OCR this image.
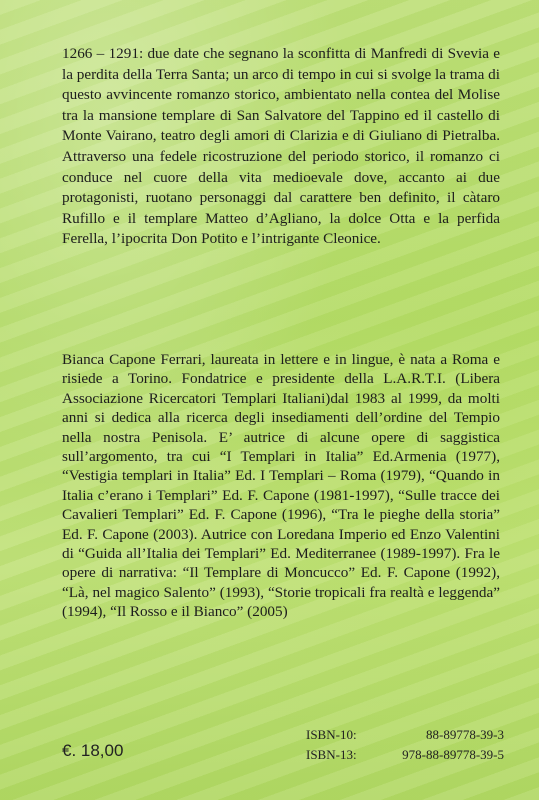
1266 – 1291: due date che segnano la sconfitta di Manfredi di Svevia e la perdita della Terra Santa; un arco di tempo in cui si svolge la trama di questo avvincente romanzo storico, ambientato nella contea del Molise tra la mansione templare di San Salvatore del Tappino ed il castello di Monte Vairano, teatro degli amori di Clarizia e di Giuliano di Pietralba. Attraverso una fedele ricostruzione del periodo storico, il romanzo ci conduce nel cuore della vita medioevale dove, accanto ai due protagonisti, ruotano personaggi dal carattere ben definito, il càtaro Rufillo e il templare Matteo d’Agliano, la dolce Otta e la perfida Ferella, l’ipocrita Don Potito e l’intrigante Cleonice.

Bianca Capone Ferrari, laureata in lettere e in lingue, è nata a Roma e risiede a Torino. Fondatrice e presidente della L.A.R.T.I. (Libera Associazione Ricercatori Templari Italiani)dal 1983 al 1999, da molti anni si dedica alla ricerca degli insediamenti dell’ordine del Tempio nella nostra Penisola. E’ autrice di alcune opere di saggistica sull’argomento, tra cui “I Templari in Italia” Ed.Armenia (1977), “Vestigia templari in Italia” Ed. I Templari – Roma (1979), “Quando in Italia c’erano i Templari” Ed. F. Capone (1981-1997), “Sulle tracce dei Cavalieri Templari” Ed. F. Capone (1996), “Tra le pieghe della storia” Ed. F. Capone (2003). Autrice con Loredana Imperio ed Enzo Valentini di “Guida all’Italia dei Templari” Ed. Mediterranee (1989-1997). Fra le opere di narrativa: “Il Templare di Moncucco” Ed. F. Capone (1992), “Là, nel magico Salento” (1993), “Storie tropicali fra realtà e leggenda” (1994), “Il Rosso e il Bianco” (2005)

€. 18,00
ISBN-10:	88-89778-39-3
ISBN-13:	978-88-89778-39-5
